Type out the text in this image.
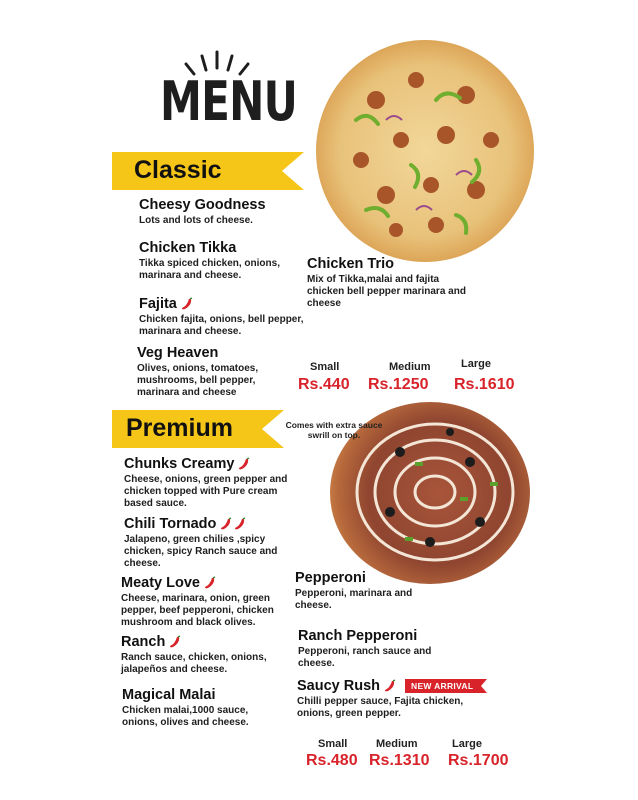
MENU
Classic
Cheesy Goodness
Lots and lots of cheese.
Chicken Tikka
Tikka spiced chicken, onions, marinara and cheese.
Fajita
Chicken fajita, onions, bell pepper, marinara and cheese.
Veg Heaven
Olives, onions, tomatoes, mushrooms, bell pepper, marinara and cheese
Chicken Trio
Mix of Tikka,malai and fajita chicken bell pepper marinara and cheese
Small	Medium	Large
Rs.440 Rs.1250 Rs.1610
Premium	Comes with extra sauce swrill on top.
Chunks Creamy
Cheese, onions, green pepper and chicken topped with Pure cream based sauce.
Chili Tornado
Jalapeno, green chilies ,spicy chicken, spicy Ranch sauce and cheese.
Meaty Love
Cheese, marinara, onion, green pepper, beef pepperoni, chicken mushroom and black olives.
Ranch
Ranch sauce, chicken, onions, jalapeños and cheese.
Magical Malai
Chicken malai,1000 sauce, onions, olives and cheese.
Pepperoni
Pepperoni, marinara and cheese.
Ranch Pepperoni
Pepperoni, ranch sauce and cheese.
Saucy Rush	NEW ARRIVAL
Chilli pepper sauce, Fajita chicken, onions, green pepper.
Small	Medium	Large
Rs.480 Rs.1310 Rs.1700
